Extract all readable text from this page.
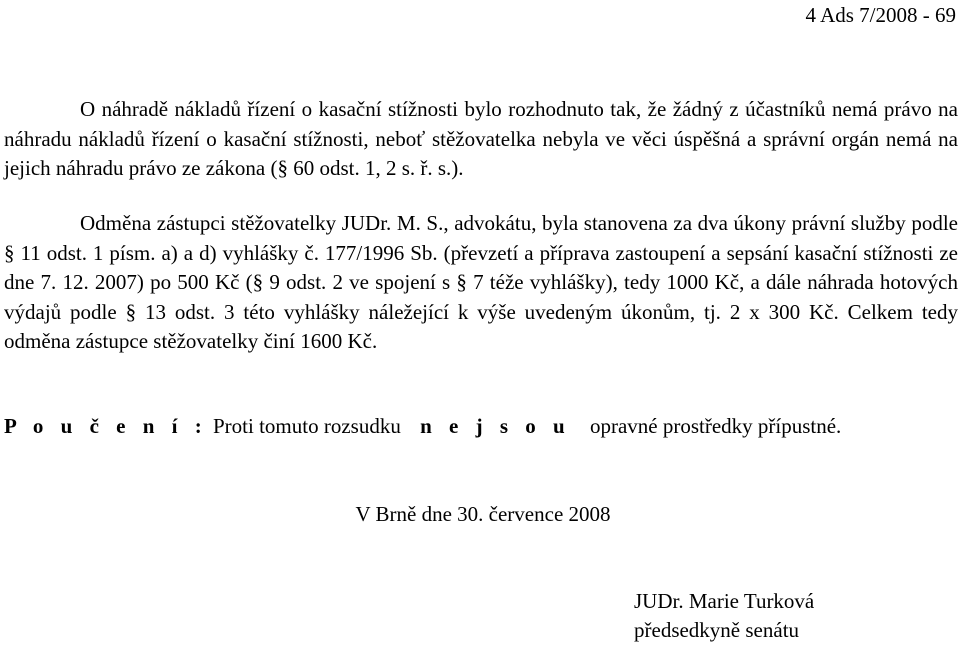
4 Ads 7/2008 - 69

O náhradě nákladů řízení o kasační stížnosti bylo rozhodnuto tak, že žádný z účastníků nemá právo na náhradu nákladů řízení o kasační stížnosti, neboť stěžovatelka nebyla ve věci úspěšná a správní orgán nemá na jejich náhradu právo ze zákona (§ 60 odst. 1, 2 s. ř. s.).

Odměna zástupci stěžovatelky JUDr. M. S., advokátu, byla stanovena za dva úkony právní služby podle § 11 odst. 1 písm. a) a d) vyhlášky č. 177/1996 Sb. (převzetí a příprava zastoupení a sepsání kasační stížnosti ze dne 7. 12. 2007) po 500 Kč (§ 9 odst. 2 ve spojení s § 7 téže vyhlášky), tedy 1000 Kč, a dále náhrada hotových výdajů podle § 13 odst. 3 této vyhlášky náležející k výše uvedeným úkonům, tj. 2 x 300 Kč. Celkem tedy odměna zástupce stěžovatelky činí 1600 Kč.

P o u č e n í : Proti tomuto rozsudku n e j s o u opravné prostředky přípustné.
V Brně dne 30. července 2008
JUDr. Marie Turková
předsedkyně senátu
